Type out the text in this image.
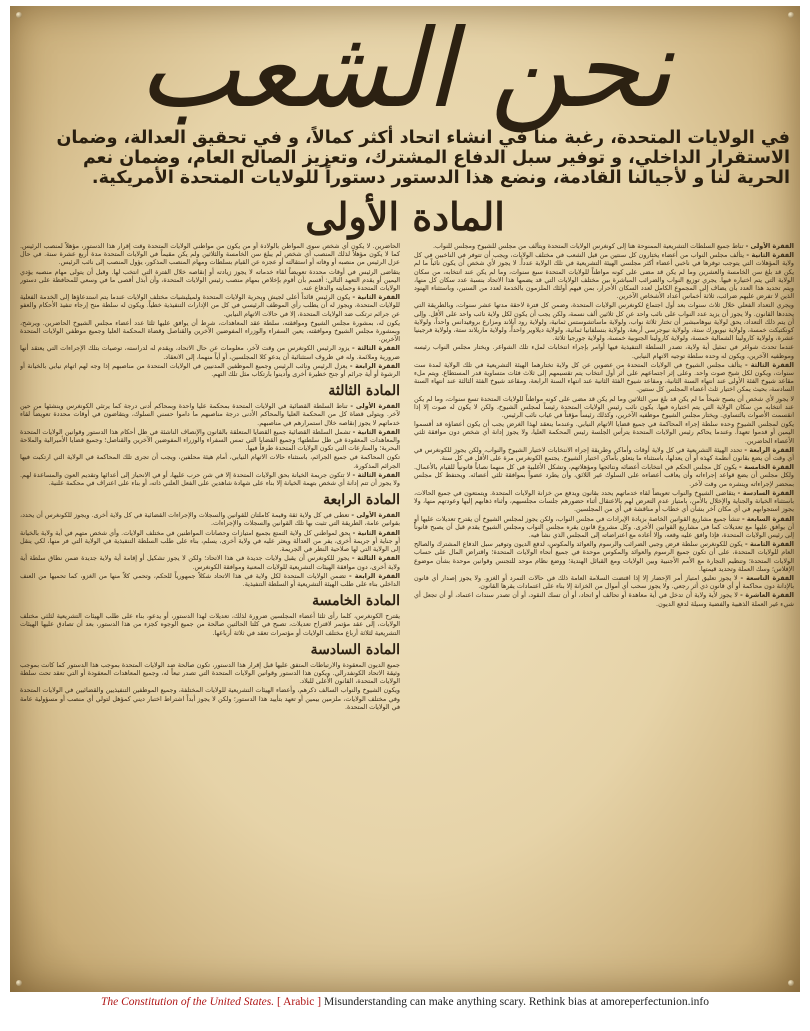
نحن الشعب
في الولايات المتحدة، رغبة منا في انشاء اتحاد أكثر كمالاً، و في تحقيق العدالة، وضمان الاستقرار الداخلي، و توفير سبل الدفاع المشترك، وتعزيز الصالح العام، وضمان نعم الحرية لنا و لأجيالنا القادمة، ونضع هذا الدستور دستوراً للولايات المتحدة الأمريكية.
المادة الأولى
الفقرة الأولى - تناط جميع السلطات التشريعية الممنوحة هنا إلى كونغرس الولايات المتحدة ويتألف من مجلس للشيوخ ومجلس للنواب.
الفقرة الثانية - يتألف مجلس النواب من أعضاء يختارون كل سنتين من قبل الشعب في مختلف الولايات، ويجب أن تتوفر في الناخبين في كل ولاية المؤهلات التي يتوجب توفرها في ناخبي أعضاء أكثر مجلسي الهيئة التشريعية في تلك الولاية عدداً. لا يجوز لأي شخص أن يكون نائباً ما لم يكن قد بلغ سن الخامسة والعشرين وما لم يكن قد مضى على كونه مواطناً للولايات المتحدة سبع سنوات، وما لم يكن عند انتخابه، من سكان الولاية التي يتم اختياره فيها. يجري توزيع النواب والضرائب المباشرة بين مختلف الولايات التي قد يضمها هذا الاتحاد بنسبة عدد سكان كل منها، ويتم تحديد هذا العدد بأن يضاف إلى المجموع الكامل لعدد السكان الأحرار، بمن فيهم أولئك الملزمون بالخدمة لعدد من السنين، وباستثناء الهنود الذين لا تفرض عليهم ضرائب، ثلاثة أخماس أعداد الأشخاص الآخرين.
ويجري التعداد الفعلي خلال ثلاث سنوات بعد أول اجتماع لكونغرس الولايات المتحدة، وضمن كل فترة لاحقة مدتها عشر سنوات، وبالطريقة التي يحددها القانون. ولا يجوز أن يزيد عدد النواب على نائب واحد عن كل ثلاثين ألف نسمة، ولكن يجب أن يكون لكل ولاية نائب واحد على الأقل. وإلى أن يتم ذلك التعداد، يحق لولاية نيوهامبشير أن تختار ثلاثة نواب، ولولاية ماساتشوستس ثمانية، ولولاية رود آيلاند ومزارع بروفيدانس واحداً، ولولاية كونكتيكت خمسة، ولولاية نيويورك ستة، ولولاية نيوجرسي أربعة، ولولاية بنسلفانيا ثمانية، ولولاية ديلاوير واحداً، ولولاية ماريلاند ستة، ولولاية فرجينيا عشرة، ولولاية كارولينا الشمالية خمسة، ولولاية كارولينا الجنوبية خمسة، ولولاية جورجيا ثلاثة.
عندما تحدث شواغر في تمثيل أية ولاية، تصدر السلطة التنفيذية فيها أوامر بإجراء انتخابات لملء تلك الشواغر. ويختار مجلس النواب رئيسه وموظفيه الآخرين، ويكون له وحده سلطة توجيه الاتهام النيابي.
الفقرة الثالثة - يتألف مجلس الشيوخ في الولايات المتحدة من عضوين عن كل ولاية تختارهما الهيئة التشريعية في تلك الولاية لمدة ست سنوات، ويكون لكل شيخ صوت واحد. وعلى إثر اجتماعهم على أثر أول انتخاب يتم تقسيمهم إلى ثلاث فئات متساوية قدر المستطاع. ويتم ملء مقاعد شيوخ الفئة الأولى عند انتهاء السنة الثانية، ومقاعد شيوخ الفئة الثانية عند انتهاء السنة الرابعة، ومقاعد شيوخ الفئة الثالثة عند انتهاء السنة السادسة، بحيث يمكن اختيار ثلث أعضاء المجلس كل سنتين.
لا يجوز لأي شخص أن يصبح شيخاً ما لم يكن قد بلغ سن الثلاثين وما لم يكن قد مضى على كونه مواطناً للولايات المتحدة تسع سنوات، وما لم يكن عند انتخابه من سكان الولاية التي يتم اختياره فيها. يكون نائب رئيس الولايات المتحدة رئيساً لمجلس الشيوخ، ولكن لا يكون له صوت إلا إذا انقسمت الأصوات بالتساوي. ويختار مجلس الشيوخ موظفيه الآخرين، وكذلك رئيساً مؤقتاً في غياب نائب الرئيس.
يكون لمجلس الشيوخ وحده سلطة إجراء المحاكمة في جميع قضايا الاتهام النيابي. وعندما ينعقد لهذا الغرض يجب أن يكون أعضاؤه قد أقسموا اليمين أو قدموا تعهداً. وعندما يحاكم رئيس الولايات المتحدة يترأس الجلسة رئيس المحكمة العليا، ولا يجوز إدانة أي شخص دون موافقة ثلثي الأعضاء الحاضرين.
الفقرة الرابعة - تحدد الهيئة التشريعية في كل ولاية أوقات وأماكن وطريقة إجراء الانتخابات لاختيار الشيوخ والنواب، ولكن يجوز للكونغرس في أي وقت أن يضع بقانون أنظمة كهذه أو أن يعدلها، باستثناء ما يتعلق بأماكن اختيار الشيوخ. يجتمع الكونغرس مرة على الأقل في كل سنة.
الفقرة الخامسة - يكون كل مجلس الحكم في انتخابات أعضائه ونتائجها ومؤهلاتهم، وتشكل الأغلبية في كل منهما نصاباً قانونياً للقيام بالأعمال. ولكل مجلس أن يضع قواعد إجراءاته وأن يعاقب أعضاءه على السلوك غير اللائق، وأن يطرد عضواً بموافقة ثلثي أعضائه. ويحتفظ كل مجلس بمحضر لإجراءاته وينشره من وقت لآخر.
الفقرة السادسة - يتقاضى الشيوخ والنواب تعويضاً لقاء خدماتهم يحدد بقانون ويدفع من خزانة الولايات المتحدة. ويتمتعون في جميع الحالات، باستثناء الخيانة والجناية والإخلال بالأمن، بامتياز عدم التعرض لهم بالاعتقال أثناء حضورهم جلسات مجلسيهم، وأثناء ذهابهم إليها وعودتهم منها، ولا يجوز استجوابهم في أي مكان آخر بشأن أي خطاب أو مناقشة في أي من المجلسين.
الفقرة السابعة - تنشأ جميع مشاريع القوانين الخاصة بزيادة الإيرادات في مجلس النواب، ولكن يجوز لمجلس الشيوخ أن يقترح تعديلات عليها أو أن يوافق عليها مع تعديلات كما في مشاريع القوانين الأخرى. وكل مشروع قانون يقره مجلس النواب ومجلس الشيوخ يقدم قبل أن يصبح قانوناً إلى رئيس الولايات المتحدة، فإذا وافق عليه وقعه، وإلا أعاده مع اعتراضاته إلى المجلس الذي نشأ فيه.
الفقرة الثامنة - يكون للكونغرس سلطة فرض وجبي الضرائب والرسوم والعوائد والمكوس، لدفع الديون وتوفير سبل الدفاع المشترك والصالح العام للولايات المتحدة، على أن تكون جميع الرسوم والعوائد والمكوس موحدة في جميع أنحاء الولايات المتحدة؛ واقتراض المال على حساب الولايات المتحدة؛ وتنظيم التجارة مع الأمم الأجنبية وبين الولايات ومع القبائل الهندية؛ ووضع نظام موحد للتجنس وقوانين موحدة بشأن موضوع الإفلاس؛ وسك العملة وتحديد قيمتها.
الفقرة التاسعة - لا يجوز تعليق امتياز أمر الإحضار إلا إذا اقتضت السلامة العامة ذلك في حالات التمرد أو الغزو. ولا يجوز إصدار أي قانون بالإدانة دون محاكمة أو أي قانون ذي أثر رجعي. ولا يجوز سحب أي أموال من الخزانة إلا بناء على اعتمادات يقرها القانون.
الفقرة العاشرة - لا يجوز لأية ولاية أن تدخل في أية معاهدة أو تحالف أو اتحاد، أو أن تسك النقود، أو أن تصدر سندات اعتماد، أو أن تجعل أي شيء غير العملة الذهبية والفضية وسيلة لدفع الديون.
الحاضرين. لا يكون أي شخص سوى المواطن بالولادة أو من يكون من مواطني الولايات المتحدة وقت إقرار هذا الدستور، مؤهلاً لمنصب الرئيس. كما لا يكون مؤهلاً لذلك المنصب أي شخص لم يبلغ سن الخامسة والثلاثين ولم يكن مقيماً في الولايات المتحدة مدة أربع عشرة سنة. في حال عزل الرئيس من منصبه أو وفاته أو استقالته أو عجزه عن القيام بسلطات ومهام المنصب المذكور، يؤول المنصب إلى نائب الرئيس.
يتقاضى الرئيس في أوقات محددة تعويضاً لقاء خدماته لا يجوز زيادته أو إنقاصه خلال الفترة التي انتخب لها. وقبل أن يتولى مهام منصبه يؤدي اليمين أو يقدم التعهد التالي: أقسم بأن أقوم بإخلاص بمهام منصب رئيس الولايات المتحدة، وأن أبذل أقصى ما في وسعي للمحافظة على دستور الولايات المتحدة وحمايته والدفاع عنه.
الفقرة الثانية - يكون الرئيس قائداً أعلى لجيش وبحرية الولايات المتحدة ولميليشيات مختلف الولايات عندما يتم استدعاؤها إلى الخدمة الفعلية للولايات المتحدة، ويجوز له أن يطلب رأي الموظف الرئيسي في كل من الإدارات التنفيذية خطياً. ويكون له سلطة منح إرجاء تنفيذ الأحكام والعفو عن جرائم ترتكب ضد الولايات المتحدة، إلا في حالات الاتهام النيابي.
يكون له، بمشورة مجلس الشيوخ وموافقته، سلطة عقد المعاهدات، شرط أن يوافق عليها ثلثا عدد أعضاء مجلس الشيوخ الحاضرين. ويرشح، وبمشورة مجلس الشيوخ وموافقته، يعين السفراء والوزراء المفوضين الآخرين والقناصل وقضاة المحكمة العليا وجميع موظفي الولايات المتحدة الآخرين.
الفقرة الثالثة - يزود الرئيس الكونغرس من وقت لآخر، معلومات عن حال الاتحاد، ويقدم له لدراسته، توصيات بتلك الإجراءات التي يعتقد أنها ضرورية وملائمة. وله في ظروف استثنائية أن يدعو كلا المجلسين، أو أياً منهما، إلى الانعقاد.
الفقرة الرابعة - يعزل الرئيس ونائب الرئيس وجميع الموظفين المدنيين في الولايات المتحدة من مناصبهم إذا وجه لهم اتهام نيابي بالخيانة أو الرشوة أو أية جرائم أو جنح خطيرة أخرى وأدينوا بارتكاب مثل تلك التهم.
المادة الثالثة
الفقرة الأولى - تناط السلطة القضائية في الولايات المتحدة بمحكمة عليا واحدة وبمحاكم أدنى درجة كما يرتئي الكونغرس وينشئها من حين لآخر. ويتولى قضاة كل من المحكمة العليا والمحاكم الأدنى درجة مناصبهم ما داموا حسني السلوك، ويتقاضون في أوقات محددة تعويضاً لقاء خدماتهم لا يجوز إنقاصه خلال استمرارهم في مناصبهم.
الفقرة الثانية - تشمل السلطة القضائية جميع القضايا المتعلقة بالقانون والإنصاف الناشئة في ظل أحكام هذا الدستور وقوانين الولايات المتحدة والمعاهدات المعقودة في ظل سلطتها؛ وجميع القضايا التي تمس السفراء والوزراء المفوضين الآخرين والقناصل؛ وجميع قضايا الأميرالية والملاحة البحرية؛ والمنازعات التي تكون الولايات المتحدة طرفاً فيها.
تكون المحاكمة في جميع الجرائم، باستثناء حالات الاتهام النيابي، أمام هيئة محلفين، ويجب أن تجرى تلك المحاكمة في الولاية التي ارتكبت فيها الجرائم المذكورة.
الفقرة الثالثة - لا تتكون جريمة الخيانة بحق الولايات المتحدة إلا في شن حرب عليها، أو في الانحياز إلى أعدائها وتقديم العون والمساعدة لهم. ولا يجوز أن تتم إدانة أي شخص بتهمة الخيانة إلا بناء على شهادة شاهدين على الفعل العلني ذاته، أو بناء على اعتراف في محكمة علنية.
المادة الرابعة
الفقرة الأولى - تعطى في كل ولاية ثقة وقيمة كاملتان للقوانين والسجلات والإجراءات القضائية في كل ولاية أخرى. ويجوز للكونغرس أن يحدد، بقوانين عامة، الطريقة التي تثبت بها تلك القوانين والسجلات والإجراءات.
الفقرة الثانية - يحق لمواطني كل ولاية التمتع بجميع امتيازات وحصانات المواطنين في مختلف الولايات. وأي شخص متهم في أية ولاية بالخيانة أو جناية أو جريمة أخرى، يفر من العدالة ويعثر عليه في ولاية أخرى، يسلم، بناء على طلب السلطة التنفيذية في الولاية التي فر منها، لكي ينقل إلى الولاية التي لها صلاحية النظر في الجريمة.
الفقرة الثالثة - يجوز للكونغرس أن يقبل ولايات جديدة في هذا الاتحاد؛ ولكن لا يجوز تشكيل أو إقامة أية ولاية جديدة ضمن نطاق سلطة أية ولاية أخرى، دون موافقة الهيئات التشريعية للولايات المعنية وموافقة الكونغرس.
الفقرة الرابعة - تضمن الولايات المتحدة لكل ولاية في هذا الاتحاد شكلاً جمهورياً للحكم، وتحمي كلاً منها من الغزو، كما تحميها من العنف الداخلي بناء على طلب الهيئة التشريعية أو السلطة التنفيذية.
المادة الخامسة
يقترح الكونغرس، كلما رأى ثلثا أعضاء المجلسين ضرورة لذلك، تعديلات لهذا الدستور، أو يدعو، بناء على طلب الهيئات التشريعية لثلثي مختلف الولايات، إلى عقد مؤتمر لاقتراح تعديلات، تصبح في كلتا الحالتين صالحة من جميع الوجوه كجزء من هذا الدستور، بعد أن تصادق عليها الهيئات التشريعية لثلاثة أرباع مختلف الولايات أو مؤتمرات تعقد في ثلاثة أرباعها.
المادة السادسة
جميع الديون المعقودة والارتباطات المتفق عليها قبل إقرار هذا الدستور، تكون صالحة ضد الولايات المتحدة بموجب هذا الدستور كما كانت بموجب وثيقة الاتحاد الكونفدرالي. ويكون هذا الدستور وقوانين الولايات المتحدة التي تصدر تبعاً له، وجميع المعاهدات المعقودة أو التي تعقد تحت سلطة الولايات المتحدة، القانون الأعلى للبلاد.
ويكون الشيوخ والنواب السالف ذكرهم، وأعضاء الهيئات التشريعية للولايات المختلفة، وجميع الموظفين التنفيذيين والقضائيين في الولايات المتحدة وفي مختلف الولايات، ملزمين بيمين أو تعهد بتأييد هذا الدستور؛ ولكن لا يجوز أبداً اشتراط اختبار ديني كمؤهل لتولي أي منصب أو مسؤولية عامة في الولايات المتحدة.
The Constitution of the United States. [ Arabic ] Misunderstanding can make anything scary. Rethink bias at amoreperfectunion.info
